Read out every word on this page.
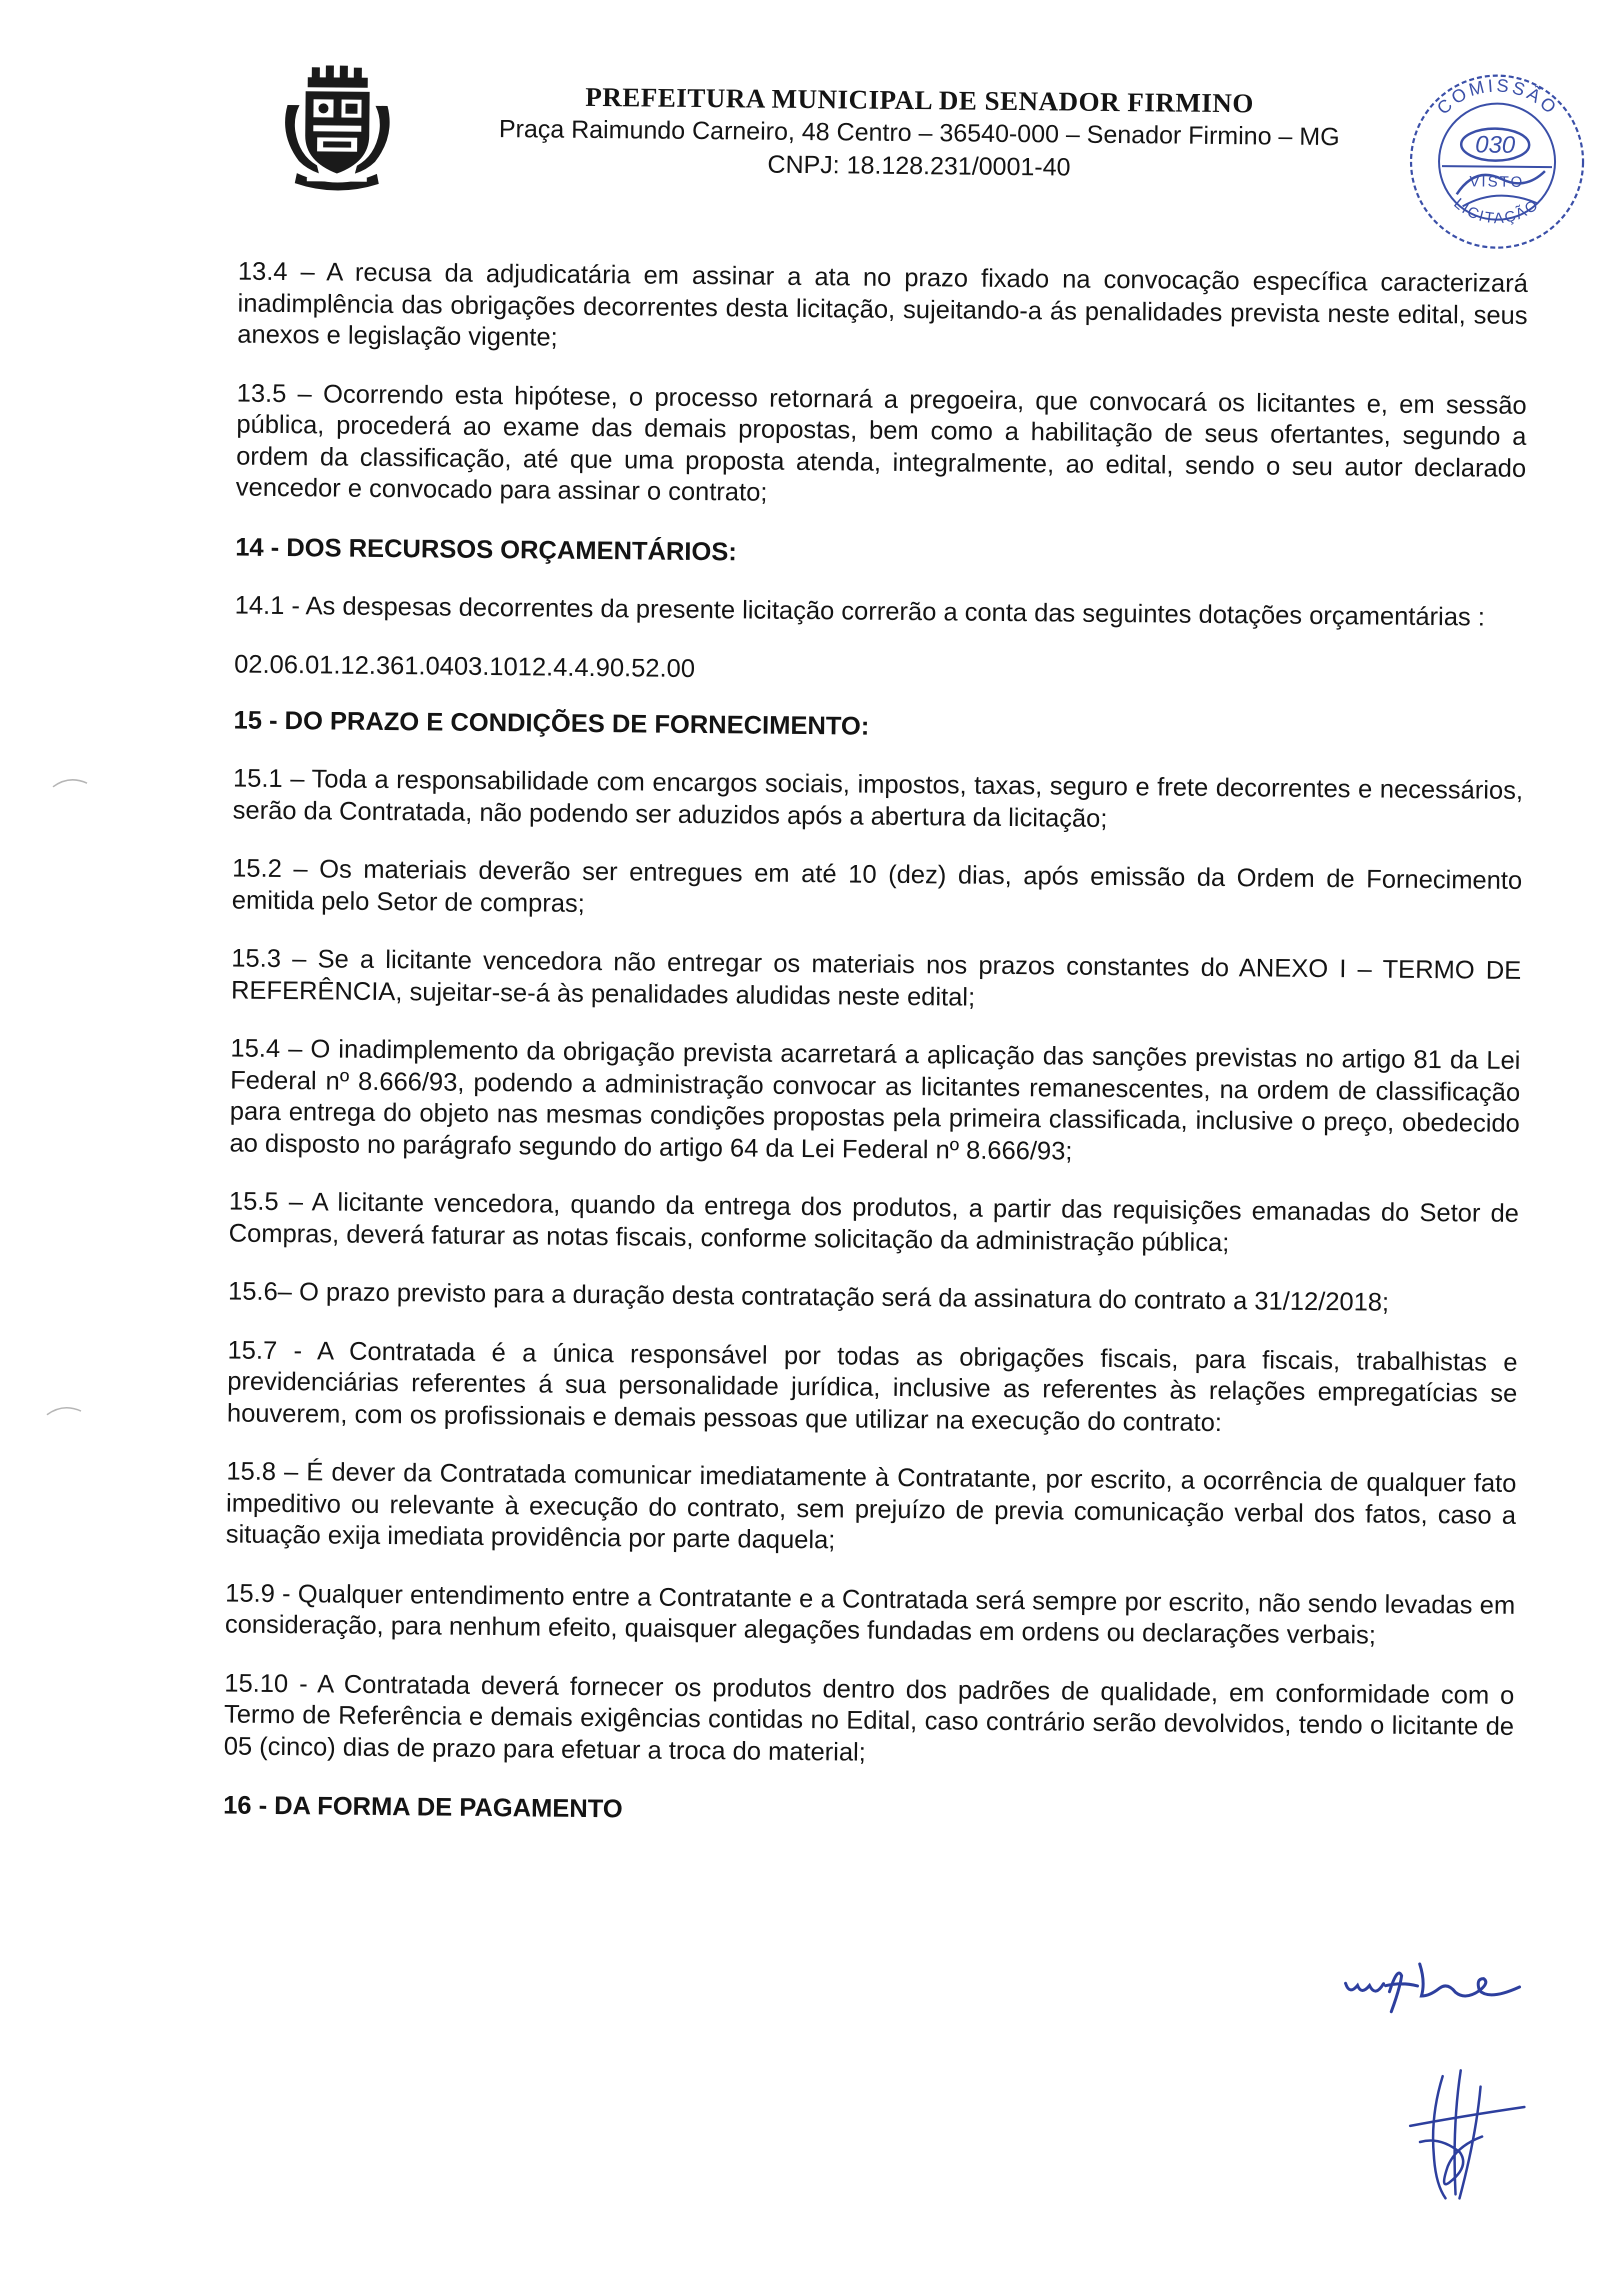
PREFEITURA MUNICIPAL DE SENADOR FIRMINO

Praça Raimundo Carneiro, 48 Centro – 36540-000 – Senador Firmino – MG

CNPJ: 18.128.231/0001-40

COMISSÃO
030
VISTO
LICITAÇÃO

13.4 – A recusa da adjudicatária em assinar a ata no prazo fixado na convocação específica caracterizará inadimplência das obrigações decorrentes desta licitação, sujeitando-a ás penalidades prevista neste edital, seus anexos e legislação vigente;

13.5 – Ocorrendo esta hipótese, o processo retornará a pregoeira, que convocará os licitantes e, em sessão pública, procederá ao exame das demais propostas, bem como a habilitação de seus ofertantes, segundo a ordem da classificação, até que uma proposta atenda, integralmente, ao edital, sendo o seu autor declarado vencedor e convocado para assinar o contrato;

14 - DOS RECURSOS ORÇAMENTÁRIOS:

14.1 - As despesas decorrentes da presente licitação correrão a conta das seguintes dotações orçamentárias :

02.06.01.12.361.0403.1012.4.4.90.52.00

15 - DO PRAZO E CONDIÇÕES DE FORNECIMENTO:

15.1 – Toda a responsabilidade com encargos sociais, impostos, taxas, seguro e frete decorrentes e necessários, serão da Contratada, não podendo ser aduzidos após a abertura da licitação;

15.2 – Os materiais deverão ser entregues em até 10 (dez) dias, após emissão da Ordem de Fornecimento emitida pelo Setor de compras;

15.3 – Se a licitante vencedora não entregar os materiais nos prazos constantes do ANEXO I – TERMO DE REFERÊNCIA, sujeitar-se-á às penalidades aludidas neste edital;

15.4 – O inadimplemento da obrigação prevista acarretará a aplicação das sanções previstas no artigo 81 da Lei Federal nº 8.666/93, podendo a administração convocar as licitantes remanescentes, na ordem de classificação para entrega do objeto nas mesmas condições propostas pela primeira classificada, inclusive o preço, obedecido ao disposto no parágrafo segundo do artigo 64 da Lei Federal nº 8.666/93;

15.5 – A licitante vencedora, quando da entrega dos produtos, a partir das requisições emanadas do Setor de Compras, deverá faturar as notas fiscais, conforme solicitação da administração pública;

15.6– O prazo previsto para a duração desta contratação será da assinatura do contrato a 31/12/2018;

15.7 - A Contratada é a única responsável por todas as obrigações fiscais, para fiscais, trabalhistas e previdenciárias referentes á sua personalidade jurídica, inclusive as referentes às relações empregatícias se houverem, com os profissionais e demais pessoas que utilizar na execução do contrato:

15.8 – É dever da Contratada comunicar imediatamente à Contratante, por escrito, a ocorrência de qualquer fato impeditivo ou relevante à execução do contrato, sem prejuízo de previa comunicação verbal dos fatos, caso a situação exija imediata providência por parte daquela;

15.9 - Qualquer entendimento entre a Contratante e a Contratada será sempre por escrito, não sendo levadas em consideração, para nenhum efeito, quaisquer alegações fundadas em ordens ou declarações verbais;

15.10 - A Contratada deverá fornecer os produtos dentro dos padrões de qualidade, em conformidade com o Termo de Referência e demais exigências contidas no Edital, caso contrário serão devolvidos, tendo o licitante de 05 (cinco) dias de prazo para efetuar a troca do material;

16 - DA FORMA DE PAGAMENTO
